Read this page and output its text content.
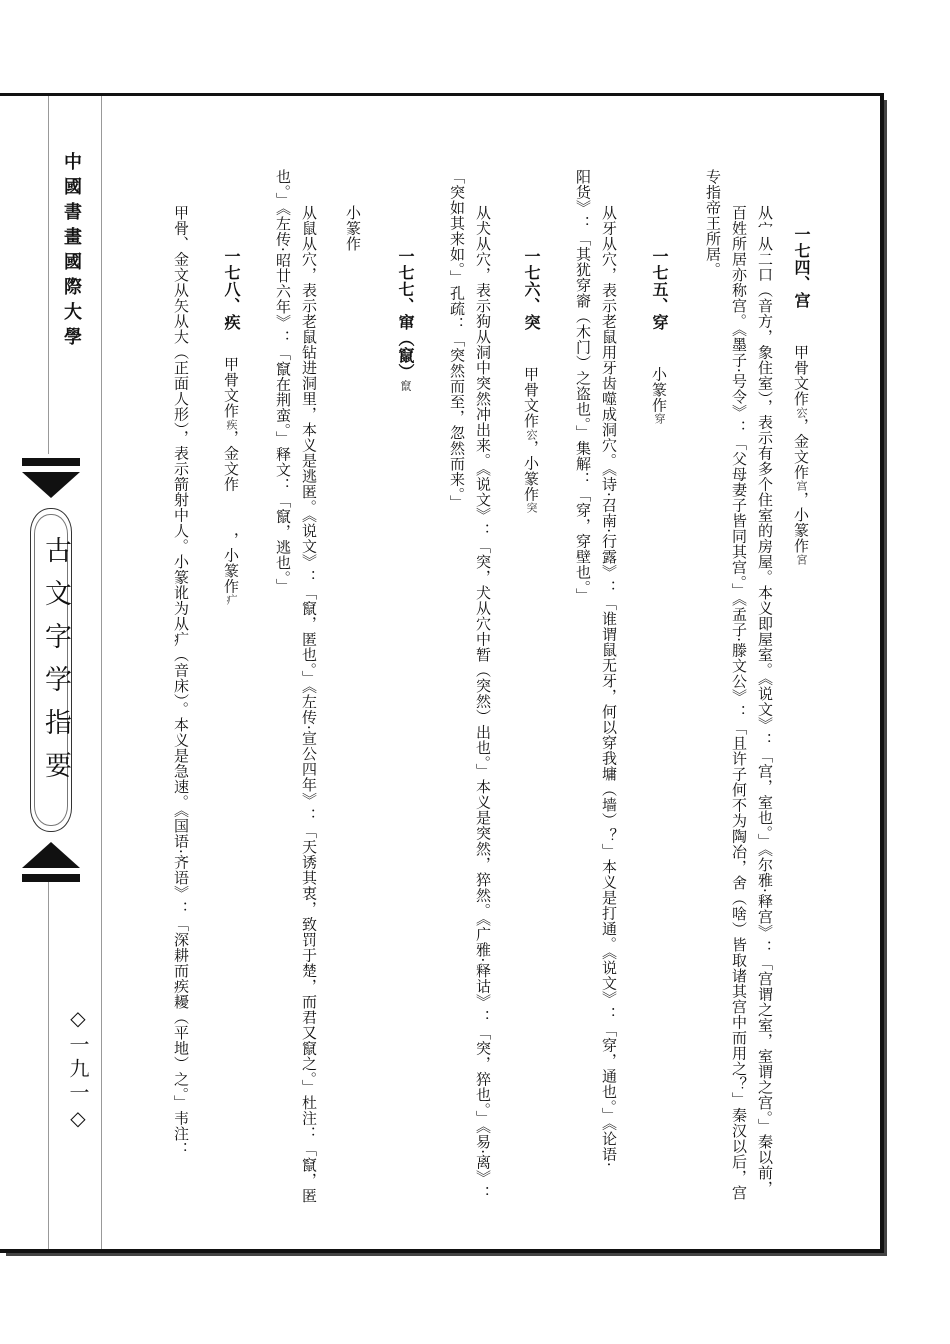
中國書畫國際大學
古文字学指要
◇一九一◇
一七四、宫甲骨文作㝐，金文作宫，小篆作宮
从宀从二口（音方，象住室），表示有多个住室的房屋。本义即屋室。《说文》：「宫，室也。」《尔雅·释宫》：「宫谓之室，室谓之宫。」秦以前，
百姓所居亦称宫。《墨子·号令》：「父母妻子皆同其宫。」《孟子·滕文公》：「且许子何不为陶冶，舍（啥）皆取诸其宫中而用之？」秦汉以后，宫
专指帝王所居。
一七五、穿小篆作穿
从牙从穴，表示老鼠用牙齿噬成洞穴。《诗·召南·行露》：「谁谓鼠无牙，何以穿我墉（墙）？」本义是打通。《说文》：「穿，通也。」《论语·
阳货》：「其犹穿窬（木门）之盗也。」集解：「穿，穿壁也。」
一七六、突甲骨文作㝐，小篆作突
从犬从穴，表示狗从洞中突然冲出来。《说文》：「突，犬从穴中暂（突然）出也。」本义是突然，猝然。《广雅·释诂》：「突，猝也。」《易·离》：
「突如其来如。」孔疏：「突然而至，忽然而来。」
一七七、窜（竄）竄
小篆作
从鼠从穴，表示老鼠钻进洞里，本义是逃匿。《说文》：「竄，匿也。」《左传·宣公四年》：「天诱其衷，致罚于楚，而君又竄之。」杜注：「竄，匿
也。」《左传·昭廿六年》：「竄在荆蛮。」释文：「竄，逃也。」
一七八、疾甲骨文作疾，金文作，小篆作疒
甲骨、金文从矢从大（正面人形），表示箭射中人。小篆讹为从疒（音床）。本义是急速。《国语·齐语》：「深耕而疾耰（平地）之。」韦注：
